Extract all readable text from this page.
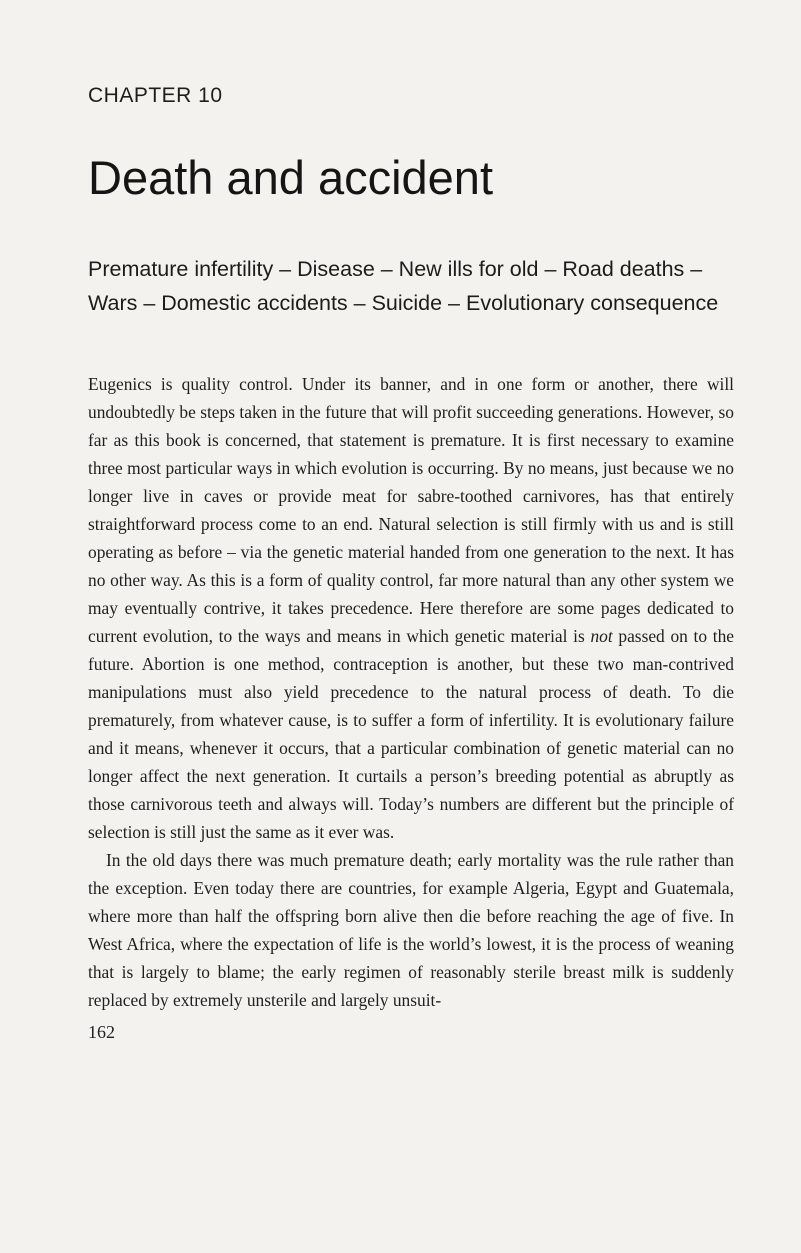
CHAPTER 10
Death and accident

Premature infertility – Disease – New ills for old – Road deaths – Wars – Domestic accidents – Suicide – Evolutionary consequence

Eugenics is quality control. Under its banner, and in one form or another, there will undoubtedly be steps taken in the future that will profit succeeding generations. However, so far as this book is concerned, that statement is premature. It is first necessary to examine three most particular ways in which evolution is occurring. By no means, just because we no longer live in caves or provide meat for sabre-toothed carnivores, has that entirely straightforward process come to an end. Natural selection is still firmly with us and is still operating as before – via the genetic material handed from one generation to the next. It has no other way. As this is a form of quality control, far more natural than any other system we may eventually contrive, it takes precedence. Here therefore are some pages dedicated to current evolution, to the ways and means in which genetic material is not passed on to the future. Abortion is one method, contraception is another, but these two man-contrived manipulations must also yield precedence to the natural process of death. To die prematurely, from whatever cause, is to suffer a form of infertility. It is evolutionary failure and it means, whenever it occurs, that a particular combination of genetic material can no longer affect the next generation. It curtails a person’s breeding potential as abruptly as those carnivorous teeth and always will. Today’s numbers are different but the principle of selection is still just the same as it ever was.

In the old days there was much premature death; early mortality was the rule rather than the exception. Even today there are countries, for example Algeria, Egypt and Guatemala, where more than half the offspring born alive then die before reaching the age of five. In West Africa, where the expectation of life is the world’s lowest, it is the process of weaning that is largely to blame; the early regimen of reasonably sterile breast milk is suddenly replaced by extremely unsterile and largely unsuit-

162
